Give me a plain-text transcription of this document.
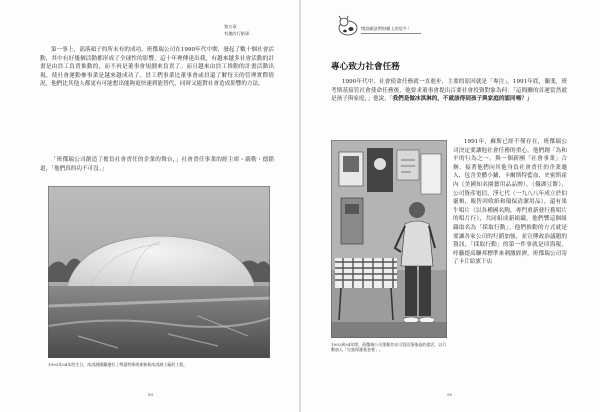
第五章
有趣的行銷事

第一事上，部落頭子的所未有的成功。班傑瑞公司在1990年代中期，發起了數十個社會活動，其中有好幾個活動都形成了全球性的影響，這十年裡傳達出我，有越來越多社會活動的計畫是由員工負責推動的，而不再是董事會規劃來負責了。而且越來由員工推動的計畫活動出現，使社會運動參事業是越來越成功了。員工們事業比董事會或員還了解每天的管理實際情況，他們比其他人都更有可能想出能夠更快速到能替代，同時又能對社會造成影響的方法。

「班傑瑞公司創造了擔負社會責任的企業的舞台，」社會責任事業的經主席・薩勒・德錯道，「他們真的功不可沒。」

1993年94年的生日，冰淇淋圍籬邊拉了傳還特殊獎東新新冰淇淋工廠的工程。
89
增設願意們財願上的危牛！
專心致力社會任務

1990年代中，社會使命任務就一直進步，主要的原因就是「專注」。1991年底，蘭斐，班考斯基接管社會使命任務後，他要求董事會提出百要社會投資對象為何：「這間聯的首運當然就是孩子與家庭，」他說，「我們是做冰淇淋的，不就該得到孩子與家庭的認同嗎？」

1991年，蘇斯已經不僅存在，班傑瑞公司決定要讓他社會任務的重心。他們創「為和平的行為之一，與一個新團「社會事業」合辦。接著他們向其他身負社會責任的企業邀入，包含美體小鋪、卡爾斯特藍血，史密斯霍內（美國知名園藝用品品牌），（優湖豆餅）、公司資產電信，淨七代（一九八八年成立於伯靈頓，販售回收紙和環保清潔用品），還有果牛唱片（以各種國名陶，專門重新發行舊唱片的唱片行），共同組成新組織。他們響這個組織取名為「採取行動」。他們推動的方式就是要讓各家公司的行銷加強，並宣傳政治議題的資訊。「採取行動」的第一件事就是印海報，呼籲提高聯邦標準來刺激經濟，班傑瑞公司寄了卡片給旗下店

1992到94年間，班傑瑞公司推動其亮可買回蛋捲造的提活，以行動加入「兒童保護基金會」。
90
